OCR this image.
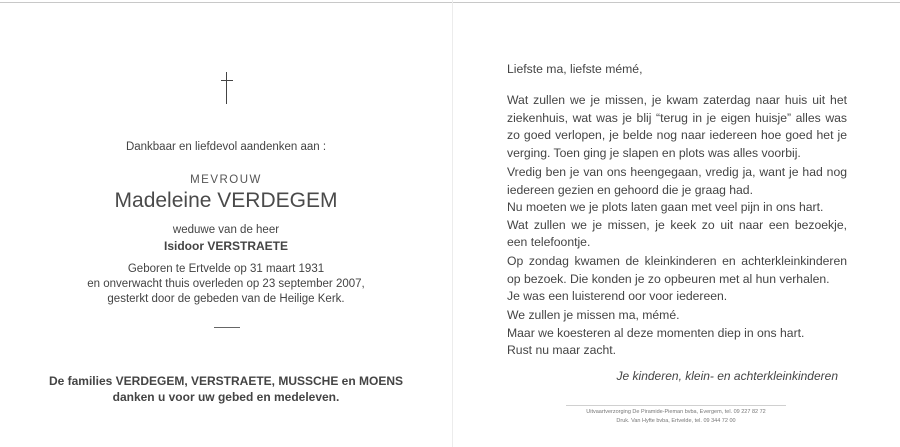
Dankbaar en liefdevol aandenken aan :
MEVROUW
Madeleine VERDEGEM
weduwe van de heer
Isidoor VERSTRAETE
Geboren te Ertvelde op 31 maart 1931
en onverwacht thuis overleden op 23 september 2007,
gesterkt door de gebeden van de Heilige Kerk.
De families VERDEGEM, VERSTRAETE, MUSSCHE en MOENS
danken u voor uw gebed en medeleven.
Liefste ma, liefste mémé,
Wat zullen we je missen, je kwam zaterdag naar huis uit het
ziekenhuis, wat was je blij “terug in je eigen huisje” alles was
zo goed verlopen, je belde nog naar iedereen hoe goed het je
verging. Toen ging je slapen en plots was alles voorbij.
Vredig ben je van ons heengegaan, vredig ja, want je had nog
iedereen gezien en gehoord die je graag had.
Nu moeten we je plots laten gaan met veel pijn in ons hart.
Wat zullen we je missen, je keek zo uit naar een bezoekje,
een telefoontje.
Op zondag kwamen de kleinkinderen en achterkleinkinderen
op bezoek. Die konden je zo opbeuren met al hun verhalen.
Je was een luisterend oor voor iedereen.
We zullen je missen ma, mémé.
Maar we koesteren al deze momenten diep in ons hart.
Rust nu maar zacht.
Je kinderen, klein- en achterkleinkinderen
Uitvaartverzorging De Piramide-Pieman bvba, Evergem, tel. 09 227 82 72
Druk. Van Hyfte bvba, Ertvelde, tel. 09 344 72 00
